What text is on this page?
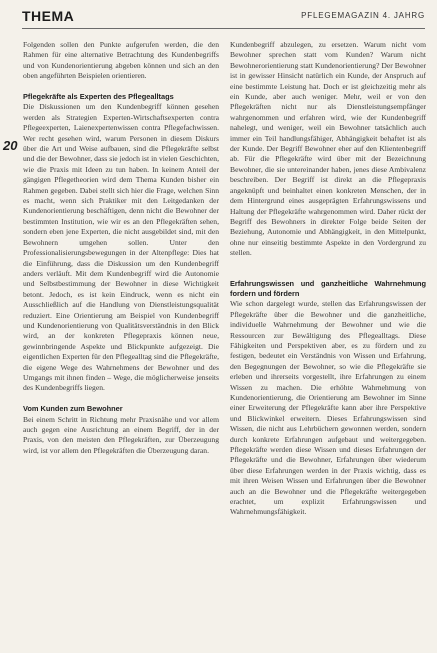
THEMA	PFLEGEMAGAZIN 4. JAHRG
20

Folgenden sollen den Punkte aufgerufen werden, die den Rahmen für eine alternative Betrachtung des Kundenbegriffs und von Kundenorientierung abgeben können und sich an den oben angeführten Beispielen orientieren.

Pflegekräfte als Experten des Pflegealltags

Die Diskussionen um den Kundenbegriff können gesehen werden als Strategien Experten-Wirtschaftsexperten contra Pflegeexperten, Laienexpertenwissen contra Pflegefachwissen. Wer recht gesehen wird, warum Personen in diesem Diskurs über die Art und Weise aufbauen, sind die Pflegekräfte selbst und die der Bewohner, dass sie jedoch ist in vielen Geschichten, wie die Praxis mit Ideen zu tun haben. In keinem Anteil der gängigen Pflegetheorien wird dem Thema Kunden bisher ein Rahmen gegeben. Dabei stellt sich hier die Frage, welchen Sinn es macht, wenn sich Praktiker mit den Leitgedanken der Kundenorientierung beschäftigen, denn nicht die Bewohner der bestimmten Institution, wie wir es an den Pflegekräften sehen, sondern eben jene Experten, die nicht ausgebildet sind, mit den Bewohnern umgehen sollen. Unter den Professionalisierungsbewegungen in der Altenpflege: Dies hat die Einführung, dass die Diskussion um den Kundenbegriff anders verläuft. Mit dem Kundenbegriff wird die Autonomie und Selbstbestimmung der Bewohner in diese Wichtigkeit betont. Jedoch, es ist kein Eindruck, wenn es nicht ein Ausschließlich auf die Handlung von Dienstleistungsqualität reduziert. Eine Orientierung am Beispiel von Kundenbegriff und Kundenorientierung von Qualitätsverständnis in den Blick wird, an der konkreten Pflegepraxis können neue, gewinnbringende Aspekte und Blickpunkte aufgezeigt. Die eigentlichen Experten für den Pflegealltag sind die Pflegekräfte, die eigene Wege des Wahrnehmens der Bewohner und des Umgangs mit ihnen finden – Wege, die möglicherweise jenseits des Kundenbegriffs liegen.

Vom Kunden zum Bewohner

Bei einem Schritt in Richtung mehr Praxisnähe und vor allem auch gegen eine Ausrichtung an einem Begriff, der in der Praxis, von den meisten den Pflegekräften, zur Überzeugung wird, ist vor allem den Pflegekräften die Überzeugung daran.

Kundenbegriff abzulegen, zu ersetzen. Warum nicht vom Bewohner sprechen statt vom Kunden? Warum nicht Bewohnerorientierung statt Kundenorientierung? Der Bewohner ist in gewisser Hinsicht natürlich ein Kunde, der Anspruch auf eine bestimmte Leistung hat. Doch er ist gleichzeitig mehr als ein Kunde, aber auch weniger. Mehr, weil er von den Pflegekräften nicht nur als Dienstleistungsempfänger wahrgenommen und erfahren wird, wie der Kundenbegriff nahelegt, und weniger, weil ein Bewohner tatsächlich auch immer ein Teil handlungsfähiger, Abhängigkeit behaftet ist als der Kunde. Der Begriff Bewohner eher auf den Klientenbegriff ab. Für die Pflegekräfte wird über mit der Bezeichnung Bewohner, die sie untereinander haben, jenes diese Ambivalenz beschreiben. Der Begriff ist direkt an die Pflegepraxis angeknüpft und beinhaltet einen konkreten Menschen, der in dem Hintergrund eines ausgeprägten Erfahrungswissens und Haltung der Pflegekräfte wahrgenommen wird. Daher rückt der Begriff des Bewohners in direkter Folge beide Seiten der Beziehung, Autonomie und Abhängigkeit, in den Mittelpunkt, ohne nur einseitig bestimmte Aspekte in den Vordergrund zu stellen.

Erfahrungswissen und ganzheitliche Wahrnehmung fordern und fördern

Wie schon dargelegt wurde, stellen das Erfahrungswissen der Pflegekräfte über die Bewohner und die ganzheitliche, individuelle Wahrnehmung der Bewohner und wie die Ressourcen zur Bewältigung des Pflegealltags. Diese Fähigkeiten und Perspektiven aber, es zu fördern und zu festigen, bedeutet ein Verständnis von Wissen und Erfahrung, den Begegnungen der Bewohner, so wie die Pflegekräfte sie erleben und ihrerseits vorgestellt, ihre Erfahrungen zu einem Wissen zu machen. Die erhöhte Wahrnehmung von Kundenorientierung, die Orientierung am Bewohner im Sinne einer Erweiterung der Pflegekräfte kann aber ihre Perspektive und Blickwinkel erweitern. Dieses Erfahrungswissen sind Wissen, die nicht aus Lehrbüchern gewonnen werden, sondern durch konkrete Erfahrungen aufgebaut und weitergegeben. Pflegekräfte werden diese Wissen und dieses Erfahrungen der Pflegekräfte und die Bewohner, Erfahrungen über wiederum über diese Erfahrungen werden in der Praxis wichtig, dass es mit ihren Weisen Wissen und Erfahrungen über die Bewohner auch an die Bewohner und die Pflegekräfte weitergegeben erachtet, um explizit Erfahrungswissen und Wahrnehmungsfähigkeit.
